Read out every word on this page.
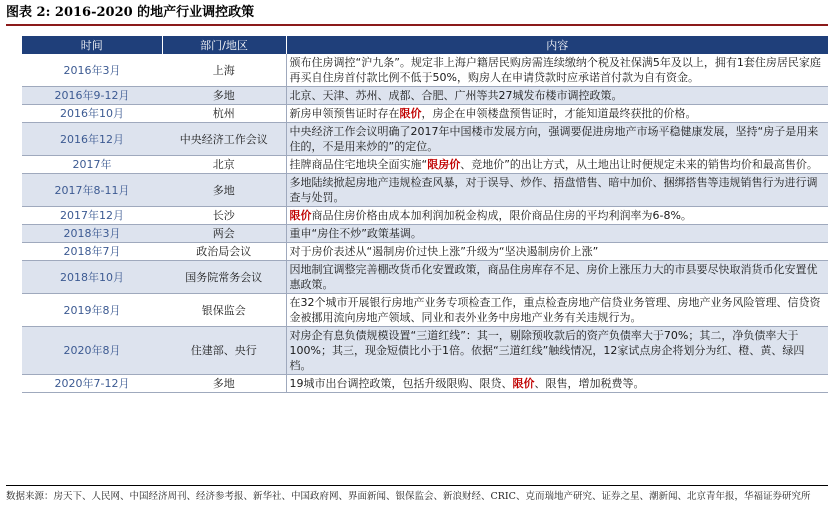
图表 2: 2016-2020 的地产行业调控政策
时间	部门/地区	内容
2016年3月	上海	颁布住房调控“沪九条”。规定非上海户籍居民购房需连续缴纳个税及社保满5年及以上，拥有1套住房居民家庭再买自住房首付款比例不低于50%，购房人在申请贷款时应承诺首付款为自有资金。
2016年9-12月	多地	北京、天津、苏州、成都、合肥、广州等共27城发布楼市调控政策。
2016年10月	杭州	新房申领预售证时存在限价，房企在申领楼盘预售证时，才能知道最终获批的价格。
2016年12月	中央经济工作会议	中央经济工作会议明确了2017年中国楼市发展方向，强调要促进房地产市场平稳健康发展，坚持“房子是用来住的，不是用来炒的”的定位。
2017年	北京	挂牌商品住宅地块全面实施“限房价、竞地价”的出让方式，从土地出让时便规定未来的销售均价和最高售价。
2017年8-11月	多地	多地陆续掀起房地产违规检查风暴，对于误导、炒作、捂盘惜售、暗中加价、捆绑搭售等违规销售行为进行调查与处罚。
2017年12月	长沙	限价商品住房价格由成本加利润加税金构成，限价商品住房的平均利润率为6-8%。
2018年3月	两会	重申“房住不炒”政策基调。
2018年7月	政治局会议	对于房价表述从“遏制房价过快上涨”升级为“坚决遏制房价上涨”
2018年10月	国务院常务会议	因地制宜调整完善棚改货币化安置政策，商品住房库存不足、房价上涨压力大的市县要尽快取消货币化安置优惠政策。
2019年8月	银保监会	在32个城市开展银行房地产业务专项检查工作，重点检查房地产信贷业务管理、房地产业务风险管理、信贷资金被挪用流向房地产领域、同业和表外业务中房地产业务有关违规行为。
2020年8月	住建部、央行	对房企有息负债规模设置“三道红线”：其一，剔除预收款后的资产负债率大于70%；其二，净负债率大于100%；其三，现金短债比小于1倍。依据“三道红线”触线情况，12家试点房企将划分为红、橙、黄、绿四档。
2020年7-12月	多地	19城市出台调控政策，包括升级限购、限贷、限价、限售，增加税费等。
数据来源：房天下、人民网、中国经济周刊、经济参考报、新华社、中国政府网、界面新闻、银保监会、新浪财经、CRIC、克而瑞地产研究、证券之星、潮新闻、北京青年报，华福证券研究所
